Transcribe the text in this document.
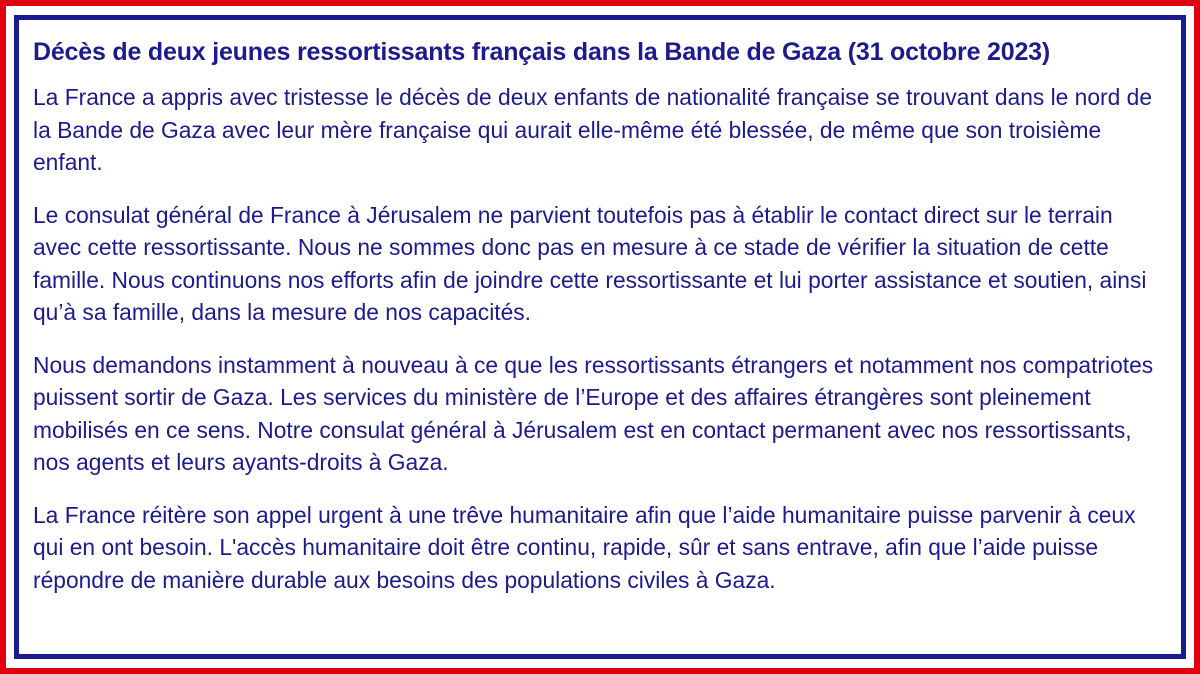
Décès de deux jeunes ressortissants français dans la Bande de Gaza (31 octobre 2023)

La France a appris avec tristesse le décès de deux enfants de nationalité française se trouvant dans le nord de la Bande de Gaza avec leur mère française qui aurait elle-même été blessée, de même que son troisième enfant.

Le consulat général de France à Jérusalem ne parvient toutefois pas à établir le contact direct sur le terrain avec cette ressortissante. Nous ne sommes donc pas en mesure à ce stade de vérifier la situation de cette famille. Nous continuons nos efforts afin de joindre cette ressortissante et lui porter assistance et soutien, ainsi qu’à sa famille, dans la mesure de nos capacités.

Nous demandons instamment à nouveau à ce que les ressortissants étrangers et notamment nos compatriotes puissent sortir de Gaza. Les services du ministère de l’Europe et des affaires étrangères sont pleinement mobilisés en ce sens. Notre consulat général à Jérusalem est en contact permanent avec nos ressortissants, nos agents et leurs ayants-droits à Gaza.

La France réitère son appel urgent à une trêve humanitaire afin que l’aide humanitaire puisse parvenir à ceux qui en ont besoin. L'accès humanitaire doit être continu, rapide, sûr et sans entrave, afin que l’aide puisse répondre de manière durable aux besoins des populations civiles à Gaza.
